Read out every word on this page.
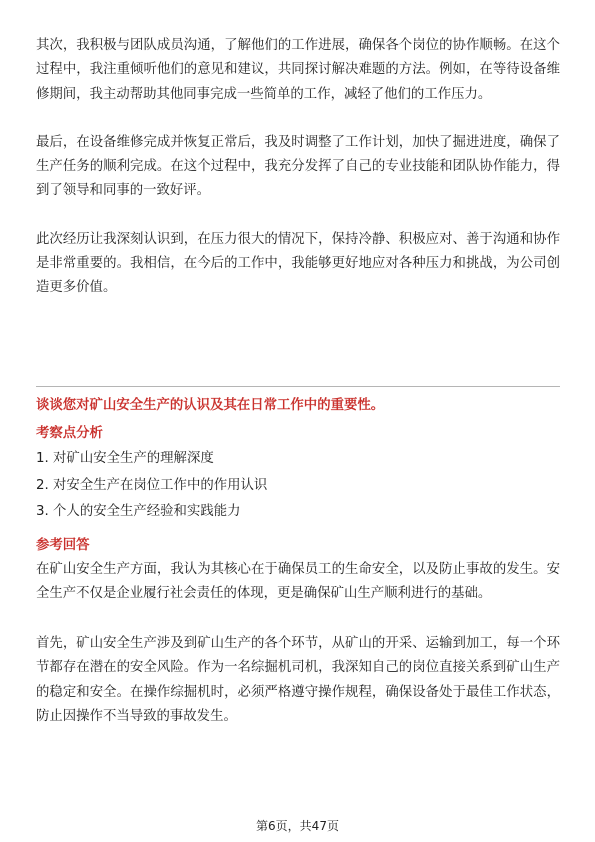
其次，我积极与团队成员沟通，了解他们的工作进展，确保各个岗位的协作顺畅。在这个过程中，我注重倾听他们的意见和建议，共同探讨解决难题的方法。例如，在等待设备维修期间，我主动帮助其他同事完成一些简单的工作，减轻了他们的工作压力。

最后，在设备维修完成并恢复正常后，我及时调整了工作计划，加快了掘进进度，确保了生产任务的顺利完成。在这个过程中，我充分发挥了自己的专业技能和团队协作能力，得到了领导和同事的一致好评。

此次经历让我深刻认识到，在压力很大的情况下，保持冷静、积极应对、善于沟通和协作是非常重要的。我相信，在今后的工作中，我能够更好地应对各种压力和挑战，为公司创造更多价值。

谈谈您对矿山安全生产的认识及其在日常工作中的重要性。

考察点分析

1. 对矿山安全生产的理解深度

2. 对安全生产在岗位工作中的作用认识

3. 个人的安全生产经验和实践能力

参考回答

在矿山安全生产方面，我认为其核心在于确保员工的生命安全，以及防止事故的发生。安全生产不仅是企业履行社会责任的体现，更是确保矿山生产顺利进行的基础。

首先，矿山安全生产涉及到矿山生产的各个环节，从矿山的开采、运输到加工，每一个环节都存在潜在的安全风险。作为一名综掘机司机，我深知自己的岗位直接关系到矿山生产的稳定和安全。在操作综掘机时，必须严格遵守操作规程，确保设备处于最佳工作状态，防止因操作不当导致的事故发生。

第6页，共47页
